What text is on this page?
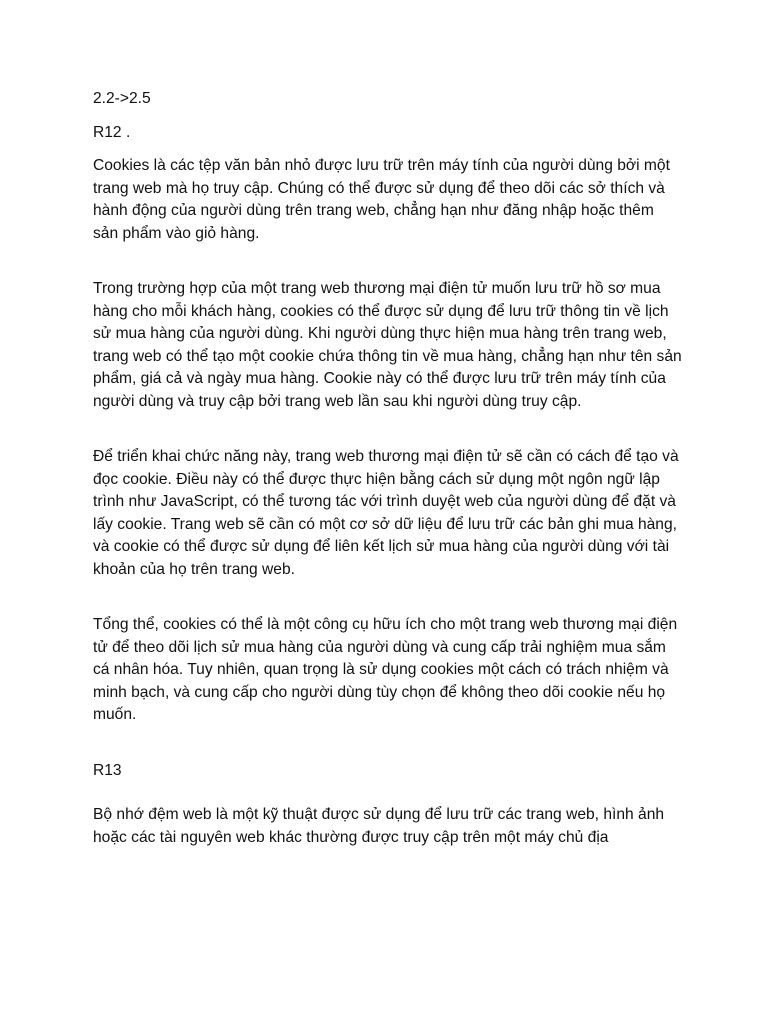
2.2->2.5
R12 .

Cookies là các tệp văn bản nhỏ được lưu trữ trên máy tính của người dùng bởi một trang web mà họ truy cập. Chúng có thể được sử dụng để theo dõi các sở thích và hành động của người dùng trên trang web, chẳng hạn như đăng nhập hoặc thêm sản phẩm vào giỏ hàng.

Trong trường hợp của một trang web thương mại điện tử muốn lưu trữ hồ sơ mua hàng cho mỗi khách hàng, cookies có thể được sử dụng để lưu trữ thông tin về lịch sử mua hàng của người dùng. Khi người dùng thực hiện mua hàng trên trang web, trang web có thể tạo một cookie chứa thông tin về mua hàng, chẳng hạn như tên sản phẩm, giá cả và ngày mua hàng. Cookie này có thể được lưu trữ trên máy tính của người dùng và truy cập bởi trang web lần sau khi người dùng truy cập.

Để triển khai chức năng này, trang web thương mại điện tử sẽ cần có cách để tạo và đọc cookie. Điều này có thể được thực hiện bằng cách sử dụng một ngôn ngữ lập trình như JavaScript, có thể tương tác với trình duyệt web của người dùng để đặt và lấy cookie. Trang web sẽ cần có một cơ sở dữ liệu để lưu trữ các bản ghi mua hàng, và cookie có thể được sử dụng để liên kết lịch sử mua hàng của người dùng với tài khoản của họ trên trang web.

Tổng thể, cookies có thể là một công cụ hữu ích cho một trang web thương mại điện tử để theo dõi lịch sử mua hàng của người dùng và cung cấp trải nghiệm mua sắm cá nhân hóa. Tuy nhiên, quan trọng là sử dụng cookies một cách có trách nhiệm và minh bạch, và cung cấp cho người dùng tùy chọn để không theo dõi cookie nếu họ muốn.

R13

Bộ nhớ đệm web là một kỹ thuật được sử dụng để lưu trữ các trang web, hình ảnh hoặc các tài nguyên web khác thường được truy cập trên một máy chủ địa
